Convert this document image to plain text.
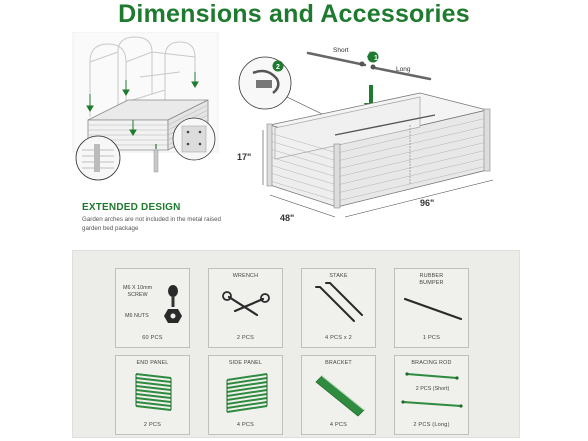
Dimensions and Accessories
1
2
Short
Long
17"
48"
96"
EXTENDED DESIGN
Garden arches are not included in the metal raised garden bed package
M6 X 10mm
SCREW
M6 NUTS
60 PCS
WRENCH
2 PCS
STAKE
4 PCS x 2
RUBBER
BUMPER
1 PCS
END PANEL
2 PCS
SIDE PANEL
4 PCS
BRACKET
4 PCS
BRACING ROD
2 PCS (Short)
2 PCS (Long)
